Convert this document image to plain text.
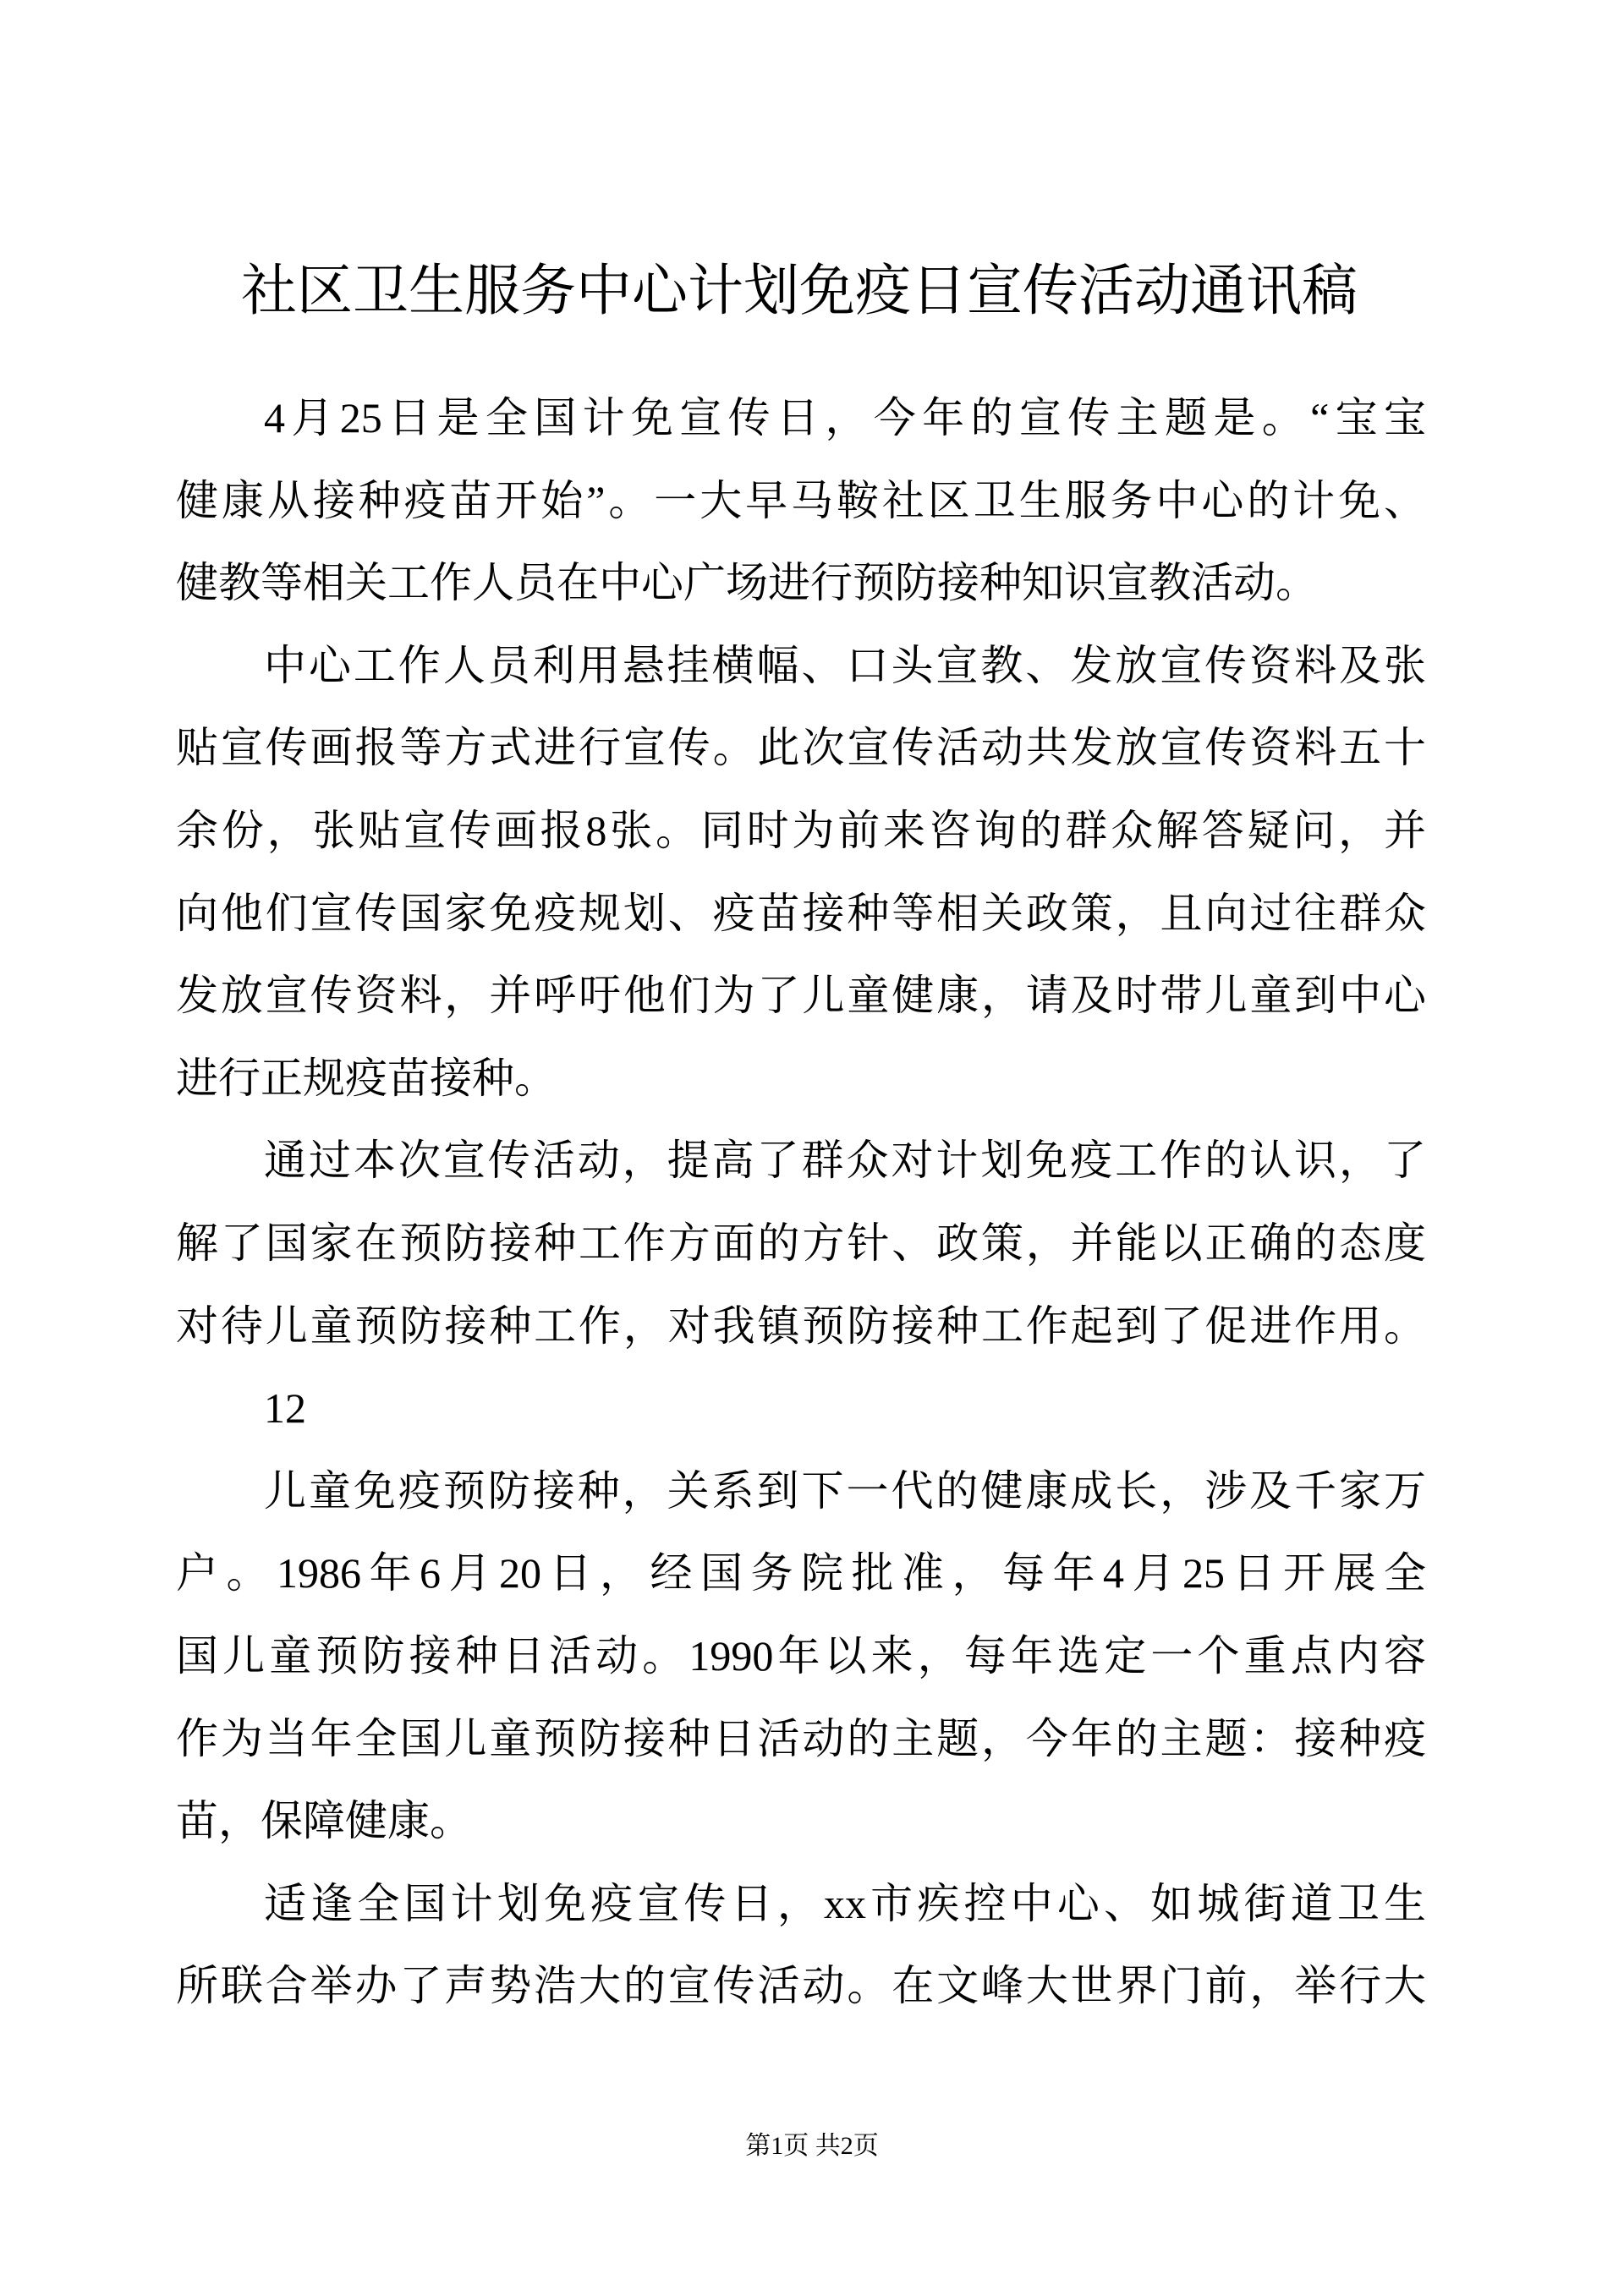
社区卫生服务中心计划免疫日宣传活动通讯稿
4月25日是全国计免宣传日，今年的宣传主题是。“宝宝
健康从接种疫苗开始”。一大早马鞍社区卫生服务中心的计免、
健教等相关工作人员在中心广场进行预防接种知识宣教活动。
中心工作人员利用悬挂横幅、口头宣教、发放宣传资料及张
贴宣传画报等方式进行宣传。此次宣传活动共发放宣传资料五十
余份，张贴宣传画报8张。同时为前来咨询的群众解答疑问，并
向他们宣传国家免疫规划、疫苗接种等相关政策，且向过往群众
发放宣传资料，并呼吁他们为了儿童健康，请及时带儿童到中心
进行正规疫苗接种。
通过本次宣传活动，提高了群众对计划免疫工作的认识，了
解了国家在预防接种工作方面的方针、政策，并能以正确的态度
对待儿童预防接种工作，对我镇预防接种工作起到了促进作用。
12
儿童免疫预防接种，关系到下一代的健康成长，涉及千家万
户。1986年6月20日，经国务院批准，每年4月25日开展全
国儿童预防接种日活动。1990年以来，每年选定一个重点内容
作为当年全国儿童预防接种日活动的主题，今年的主题：接种疫
苗，保障健康。
适逢全国计划免疫宣传日，xx市疾控中心、如城街道卫生
所联合举办了声势浩大的宣传活动。在文峰大世界门前，举行大
第1页 共2页
